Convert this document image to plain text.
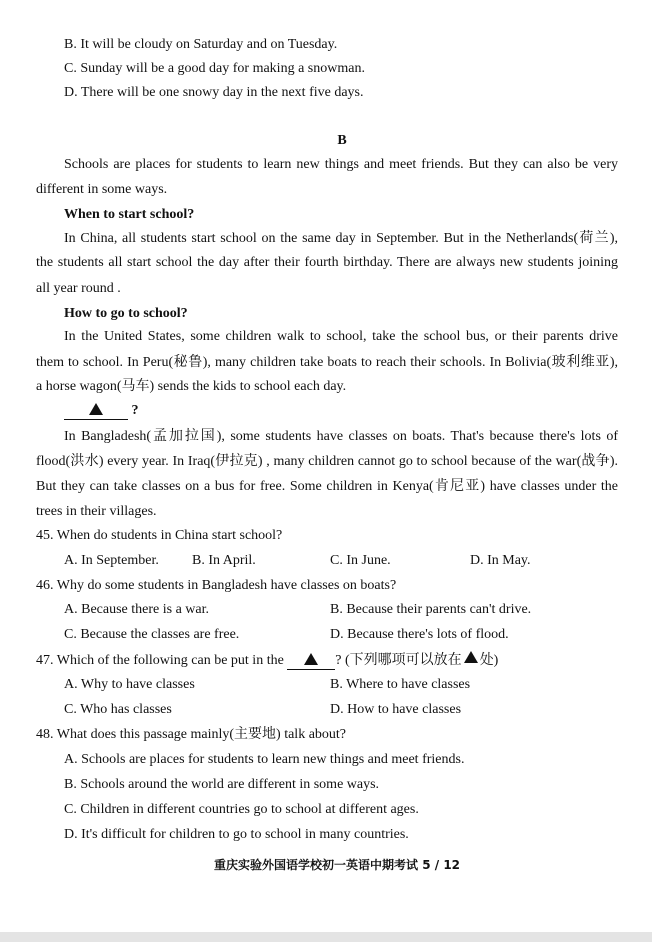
B. It will be cloudy on Saturday and on Tuesday.
C. Sunday will be a good day for making a snowman.
D. There will be one snowy day in the next five days.
B
Schools are places for students to learn new things and meet friends. But they can also be very
different in some ways.
When to start school?
In China, all students start school on the same day in September. But in the Netherlands(荷兰),
the students all start school the day after their fourth birthday. There are always new students joining
all year round .
How to go to school?
In the United States, some children walk to school, take the school bus, or their parents drive
them to school. In Peru(秘鲁), many children take boats to reach their schools. In Bolivia(玻利维亚),
a horse wagon(马车) sends the kids to school each day.
?
In Bangladesh(孟加拉国), some students have classes on boats. That's because there's lots of
flood(洪水) every year. In Iraq(伊拉克) , many children cannot go to school because of the war(战争).
But they can take classes on a bus for free. Some children in Kenya(肯尼亚) have classes under the
trees in their villages.
45. When do students in China start school?
A. In September. B. In April.	C. In June.	D. In May.
46. Why do some students in Bangladesh have classes on boats?
A. Because there is a war.	B. Because their parents can't drive.
C. Because the classes are free.	D. Because there's lots of flood.
47. Which of the following can be put in the	? (下列哪项可以放在 处)
A. Why to have classes	B. Where to have classes
C. Who has classes	D. How to have classes
48. What does this passage mainly(主要地) talk about?
A. Schools are places for students to learn new things and meet friends.
B. Schools around the world are different in some ways.
C. Children in different countries go to school at different ages.
D. It's difficult for children to go to school in many countries.
重庆实验外国语学校初一英语中期考试 5 / 12
